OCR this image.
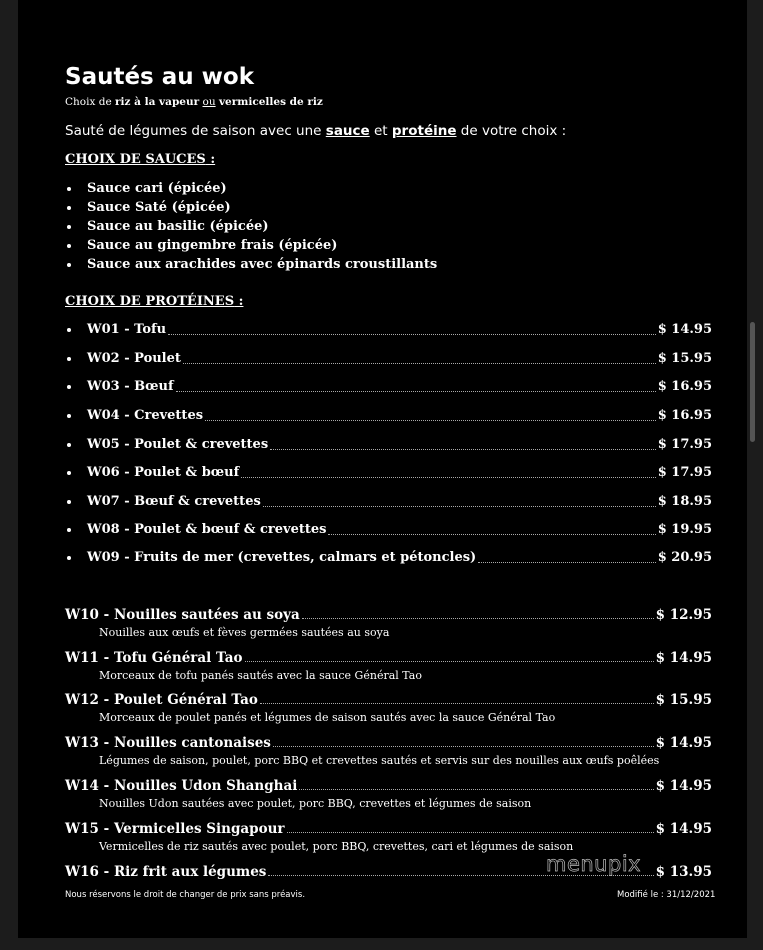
Sautés au wok
Choix de riz à la vapeur ou vermicelles de riz
Sauté de légumes de saison avec une sauce et protéine de votre choix :
CHOIX DE SAUCES :
Sauce cari (épicée)
Sauce Saté (épicée)
Sauce au basilic (épicée)
Sauce au gingembre frais (épicée)
Sauce aux arachides avec épinards croustillants
CHOIX DE PROTÉINES :
W01 - Tofu	$ 14.95
W02 - Poulet	$ 15.95
W03 - Bœuf	$ 16.95
W04 - Crevettes	$ 16.95
W05 - Poulet & crevettes	$ 17.95
W06 - Poulet & bœuf	$ 17.95
W07 - Bœuf & crevettes	$ 18.95
W08 - Poulet & bœuf & crevettes	$ 19.95
W09 - Fruits de mer (crevettes, calmars et pétoncles)	$ 20.95
W10 - Nouilles sautées au soya	$ 12.95
Nouilles aux œufs et fèves germées sautées au soya
W11 - Tofu Général Tao	$ 14.95
Morceaux de tofu panés sautés avec la sauce Général Tao
W12 - Poulet Général Tao	$ 15.95
Morceaux de poulet panés et légumes de saison sautés avec la sauce Général Tao
W13 - Nouilles cantonaises	$ 14.95
Légumes de saison, poulet, porc BBQ et crevettes sautés et servis sur des nouilles aux œufs poêlées
W14 - Nouilles Udon Shanghai	$ 14.95
Nouilles Udon sautées avec poulet, porc BBQ, crevettes et légumes de saison
W15 - Vermicelles Singapour	$ 14.95
Vermicelles de riz sautés avec poulet, porc BBQ, crevettes, cari et légumes de saison
W16 - Riz frit aux légumes	$ 13.95
Nous réservons le droit de changer de prix sans préavis.	Modifié le : 31/12/2021
menupix
